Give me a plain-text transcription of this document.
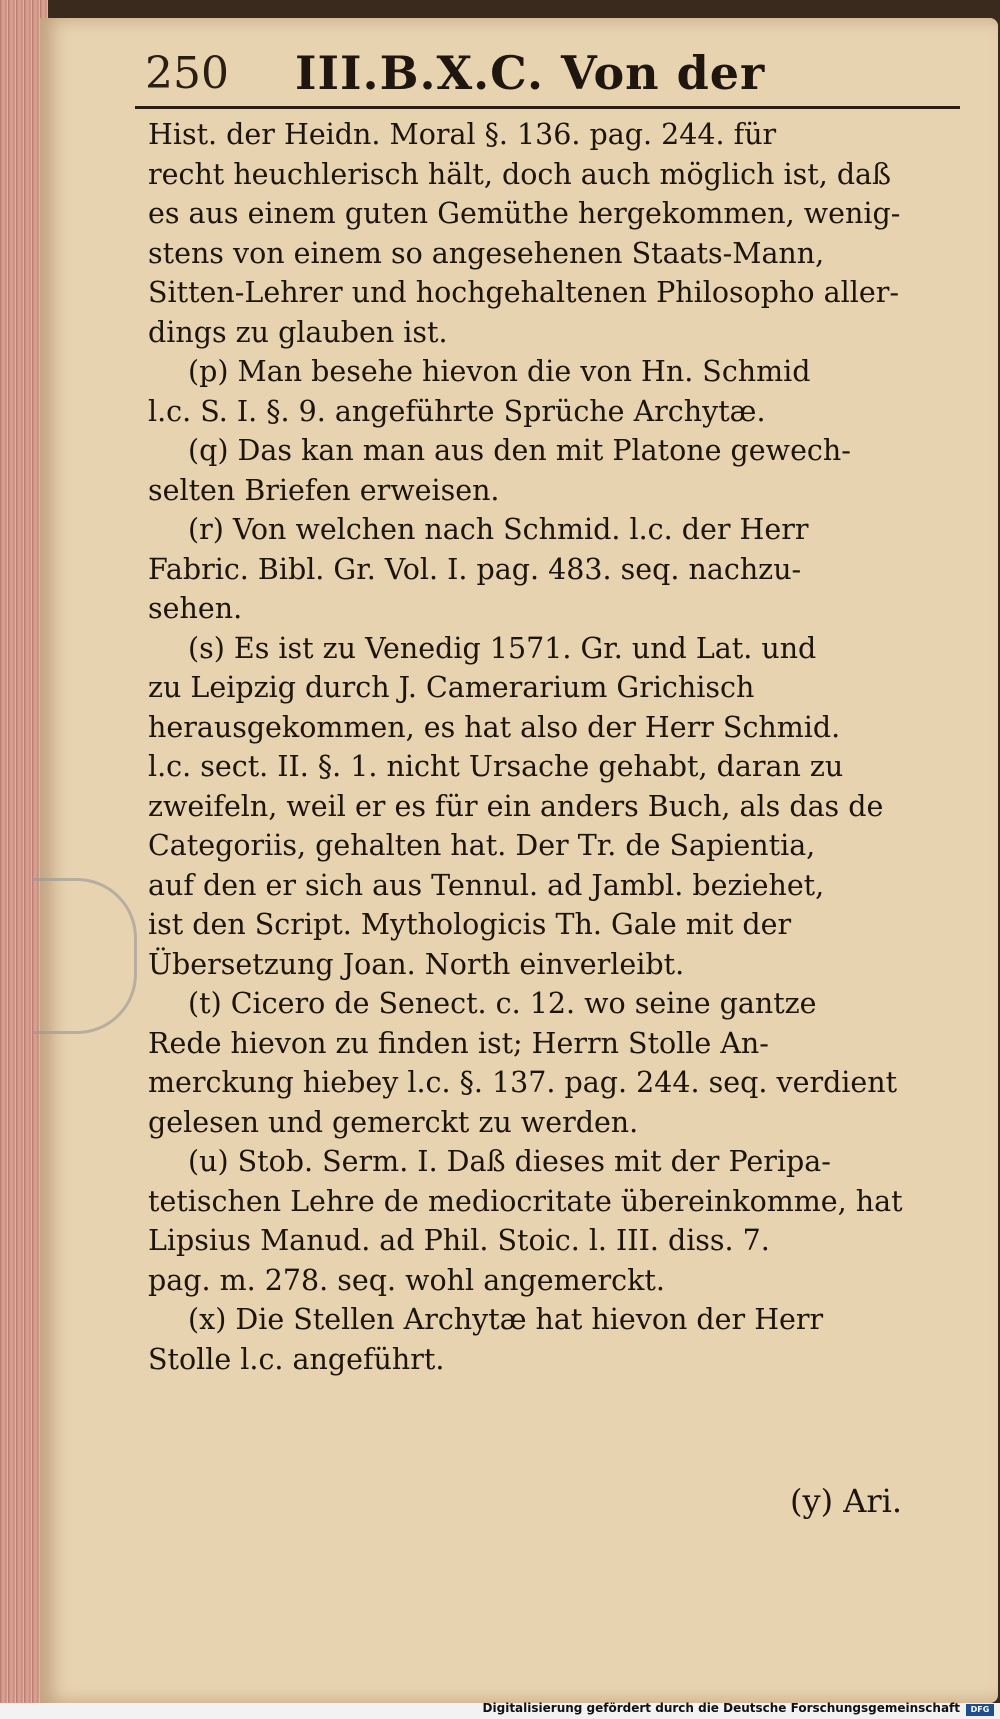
250 III.B.X.C. Von der
Hist. der Heidn. Moral §. 136. pag. 244. für
recht heuchlerisch hält, doch auch möglich ist, daß
es aus einem guten Gemüthe hergekommen, wenig-
stens von einem so angesehenen Staats-Mann,
Sitten-Lehrer und hochgehaltenen Philosopho aller-
dings zu glauben ist.
(p) Man besehe hievon die von Hn. Schmid
l.c. S. I. §. 9. angeführte Sprüche Archytæ.
(q) Das kan man aus den mit Platone gewech-
selten Briefen erweisen.
(r) Von welchen nach Schmid. l.c. der Herr
Fabric. Bibl. Gr. Vol. I. pag. 483. seq. nachzu-
sehen.
(s) Es ist zu Venedig 1571. Gr. und Lat. und
zu Leipzig durch J. Camerarium Grichisch
herausgekommen, es hat also der Herr Schmid.
l.c. sect. II. §. 1. nicht Ursache gehabt, daran zu
zweifeln, weil er es für ein anders Buch, als das de
Categoriis, gehalten hat. Der Tr. de Sapientia,
auf den er sich aus Tennul. ad Jambl. beziehet,
ist den Script. Mythologicis Th. Gale mit der
Übersetzung Joan. North einverleibt.
(t) Cicero de Senect. c. 12. wo seine gantze
Rede hievon zu finden ist; Herrn Stolle An-
merckung hiebey l.c. §. 137. pag. 244. seq. verdient
gelesen und gemerckt zu werden.
(u) Stob. Serm. I. Daß dieses mit der Peripa-
tetischen Lehre de mediocritate übereinkomme, hat
Lipsius Manud. ad Phil. Stoic. l. III. diss. 7.
pag. m. 278. seq. wohl angemerckt.
(x) Die Stellen Archytæ hat hievon der Herr
Stolle l.c. angeführt.
(y) Ari.
Digitalisierung gefördert durch die Deutsche Forschungsgemeinschaft	DFG
